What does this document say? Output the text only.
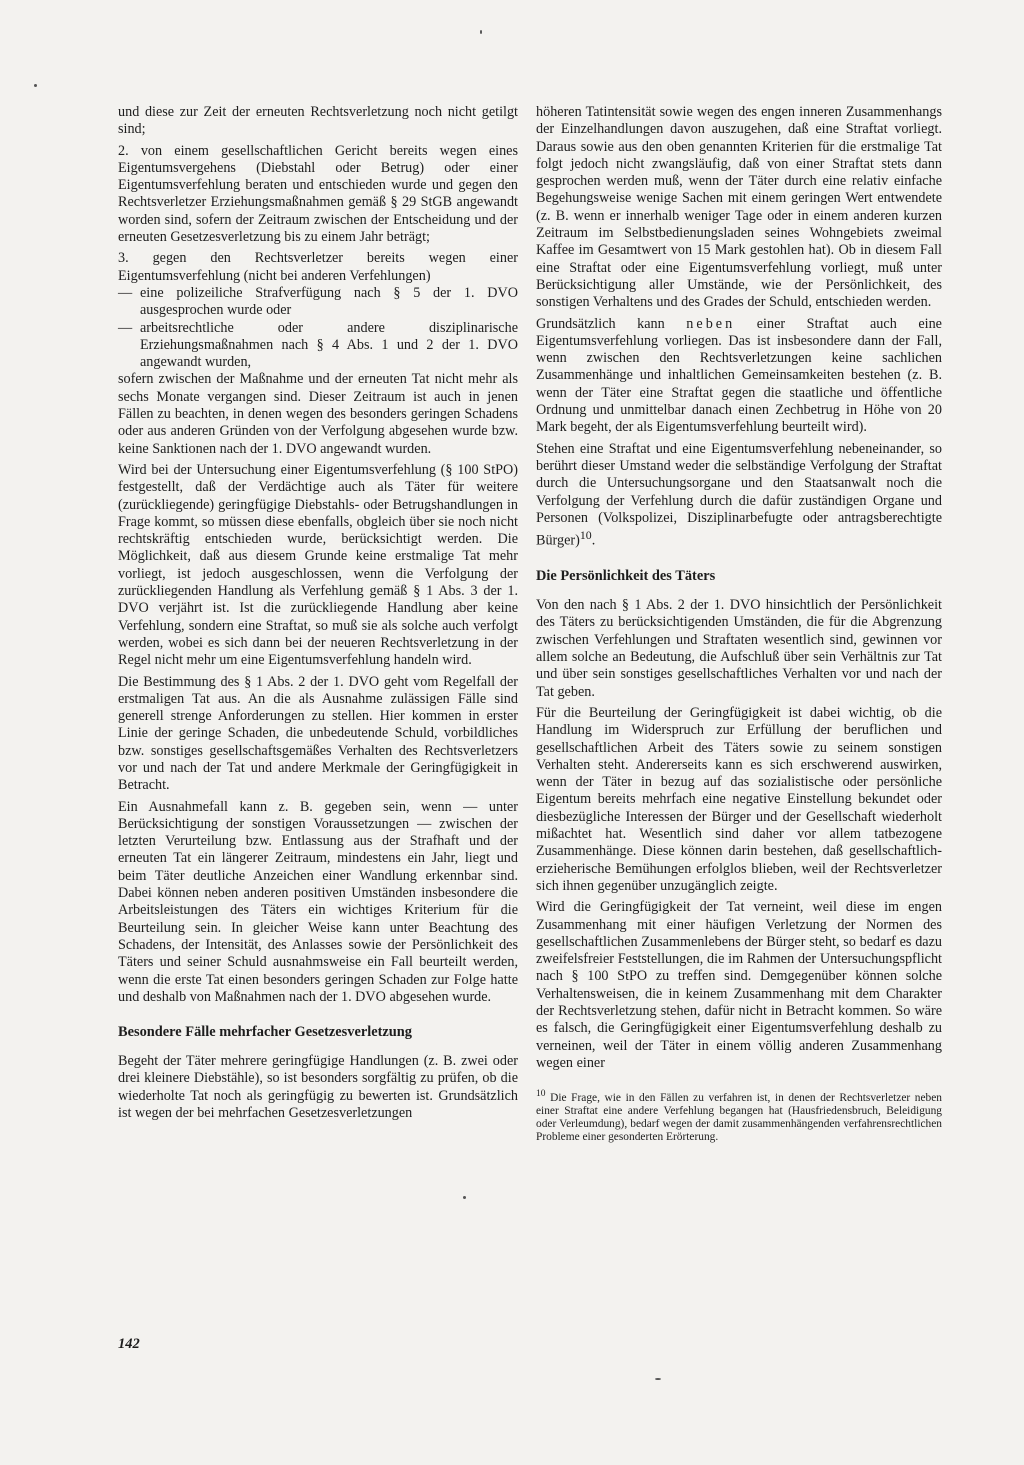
und diese zur Zeit der erneuten Rechtsverletzung noch nicht getilgt sind;

2. von einem gesellschaftlichen Gericht bereits wegen eines Eigentumsvergehens (Diebstahl oder Betrug) oder einer Eigentumsverfehlung beraten und entschieden wurde und gegen den Rechtsverletzer Erziehungsmaßnahmen gemäß § 29 StGB angewandt worden sind, sofern der Zeitraum zwischen der Entscheidung und der erneuten Gesetzesverletzung bis zu einem Jahr beträgt;

3. gegen den Rechtsverletzer bereits wegen einer Eigentumsverfehlung (nicht bei anderen Verfehlungen)

— eine polizeiliche Strafverfügung nach § 5 der 1. DVO ausgesprochen wurde oder
— arbeitsrechtliche oder andere disziplinarische Erziehungsmaßnahmen nach § 4 Abs. 1 und 2 der 1. DVO angewandt wurden,

sofern zwischen der Maßnahme und der erneuten Tat nicht mehr als sechs Monate vergangen sind. Dieser Zeitraum ist auch in jenen Fällen zu beachten, in denen wegen des besonders geringen Schadens oder aus anderen Gründen von der Verfolgung abgesehen wurde bzw. keine Sanktionen nach der 1. DVO angewandt wurden.

Wird bei der Untersuchung einer Eigentumsverfehlung (§ 100 StPO) festgestellt, daß der Verdächtige auch als Täter für weitere (zurückliegende) geringfügige Diebstahls- oder Betrugshandlungen in Frage kommt, so müssen diese ebenfalls, obgleich über sie noch nicht rechtskräftig entschieden wurde, berücksichtigt werden. Die Möglichkeit, daß aus diesem Grunde keine erstmalige Tat mehr vorliegt, ist jedoch ausgeschlossen, wenn die Verfolgung der zurückliegenden Handlung als Verfehlung gemäß § 1 Abs. 3 der 1. DVO verjährt ist. Ist die zurückliegende Handlung aber keine Verfehlung, sondern eine Straftat, so muß sie als solche auch verfolgt werden, wobei es sich dann bei der neueren Rechtsverletzung in der Regel nicht mehr um eine Eigentumsverfehlung handeln wird.

Die Bestimmung des § 1 Abs. 2 der 1. DVO geht vom Regelfall der erstmaligen Tat aus. An die als Ausnahme zulässigen Fälle sind generell strenge Anforderungen zu stellen. Hier kommen in erster Linie der geringe Schaden, die unbedeutende Schuld, vorbildliches bzw. sonstiges gesellschaftsgemäßes Verhalten des Rechtsverletzers vor und nach der Tat und andere Merkmale der Geringfügigkeit in Betracht.

Ein Ausnahmefall kann z. B. gegeben sein, wenn — unter Berücksichtigung der sonstigen Voraussetzungen — zwischen der letzten Verurteilung bzw. Entlassung aus der Strafhaft und der erneuten Tat ein längerer Zeitraum, mindestens ein Jahr, liegt und beim Täter deutliche Anzeichen einer Wandlung erkennbar sind. Dabei können neben anderen positiven Umständen insbesondere die Arbeitsleistungen des Täters ein wichtiges Kriterium für die Beurteilung sein. In gleicher Weise kann unter Beachtung des Schadens, der Intensität, des Anlasses sowie der Persönlichkeit des Täters und seiner Schuld ausnahmsweise ein Fall beurteilt werden, wenn die erste Tat einen besonders geringen Schaden zur Folge hatte und deshalb von Maßnahmen nach der 1. DVO abgesehen wurde.

Besondere Fälle mehrfacher Gesetzesverletzung

Begeht der Täter mehrere geringfügige Handlungen (z. B. zwei oder drei kleinere Diebstähle), so ist besonders sorgfältig zu prüfen, ob die wiederholte Tat noch als geringfügig zu bewerten ist. Grundsätzlich ist wegen der bei mehrfachen Gesetzesverletzungen

höheren Tatintensität sowie wegen des engen inneren Zusammenhangs der Einzelhandlungen davon auszugehen, daß eine Straftat vorliegt. Daraus sowie aus den oben genannten Kriterien für die erstmalige Tat folgt jedoch nicht zwangsläufig, daß von einer Straftat stets dann gesprochen werden muß, wenn der Täter durch eine relativ einfache Begehungsweise wenige Sachen mit einem geringen Wert entwendete (z. B. wenn er innerhalb weniger Tage oder in einem anderen kurzen Zeitraum im Selbstbedienungsladen seines Wohngebiets zweimal Kaffee im Gesamtwert von 15 Mark gestohlen hat). Ob in diesem Fall eine Straftat oder eine Eigentumsverfehlung vorliegt, muß unter Berücksichtigung aller Umstände, wie der Persönlichkeit, des sonstigen Verhaltens und des Grades der Schuld, entschieden werden.

Grundsätzlich kann neben einer Straftat auch eine Eigentumsverfehlung vorliegen. Das ist insbesondere dann der Fall, wenn zwischen den Rechtsverletzungen keine sachlichen Zusammenhänge und inhaltlichen Gemeinsamkeiten bestehen (z. B. wenn der Täter eine Straftat gegen die staatliche und öffentliche Ordnung und unmittelbar danach einen Zechbetrug in Höhe von 20 Mark begeht, der als Eigentumsverfehlung beurteilt wird).

Stehen eine Straftat und eine Eigentumsverfehlung nebeneinander, so berührt dieser Umstand weder die selbständige Verfolgung der Straftat durch die Untersuchungsorgane und den Staatsanwalt noch die Verfolgung der Verfehlung durch die dafür zuständigen Organe und Personen (Volkspolizei, Disziplinarbefugte oder antragsberechtigte Bürger)$^{10}$.

Die Persönlichkeit des Täters

Von den nach § 1 Abs. 2 der 1. DVO hinsichtlich der Persönlichkeit des Täters zu berücksichtigenden Umständen, die für die Abgrenzung zwischen Verfehlungen und Straftaten wesentlich sind, gewinnen vor allem solche an Bedeutung, die Aufschluß über sein Verhältnis zur Tat und über sein sonstiges gesellschaftliches Verhalten vor und nach der Tat geben.

Für die Beurteilung der Geringfügigkeit ist dabei wichtig, ob die Handlung im Widerspruch zur Erfüllung der beruflichen und gesellschaftlichen Arbeit des Täters sowie zu seinem sonstigen Verhalten steht. Andererseits kann es sich erschwerend auswirken, wenn der Täter in bezug auf das sozialistische oder persönliche Eigentum bereits mehrfach eine negative Einstellung bekundet oder diesbezügliche Interessen der Bürger und der Gesellschaft wiederholt mißachtet hat. Wesentlich sind daher vor allem tatbezogene Zusammenhänge. Diese können darin bestehen, daß gesellschaftlich-erzieherische Bemühungen erfolglos blieben, weil der Rechtsverletzer sich ihnen gegenüber unzugänglich zeigte.

Wird die Geringfügigkeit der Tat verneint, weil diese im engen Zusammenhang mit einer häufigen Verletzung der Normen des gesellschaftlichen Zusammenlebens der Bürger steht, so bedarf es dazu zweifelsfreier Feststellungen, die im Rahmen der Untersuchungspflicht nach § 100 StPO zu treffen sind. Demgegenüber können solche Verhaltensweisen, die in keinem Zusammenhang mit dem Charakter der Rechtsverletzung stehen, dafür nicht in Betracht kommen. So wäre es falsch, die Geringfügigkeit einer Eigentumsverfehlung deshalb zu verneinen, weil der Täter in einem völlig anderen Zusammenhang wegen einer

$^{10}$ Die Frage, wie in den Fällen zu verfahren ist, in denen der Rechtsverletzer neben einer Straftat eine andere Verfehlung begangen hat (Hausfriedensbruch, Beleidigung oder Verleumdung), bedarf wegen der damit zusammenhängenden verfahrensrechtlichen Probleme einer gesonderten Erörterung.

142
